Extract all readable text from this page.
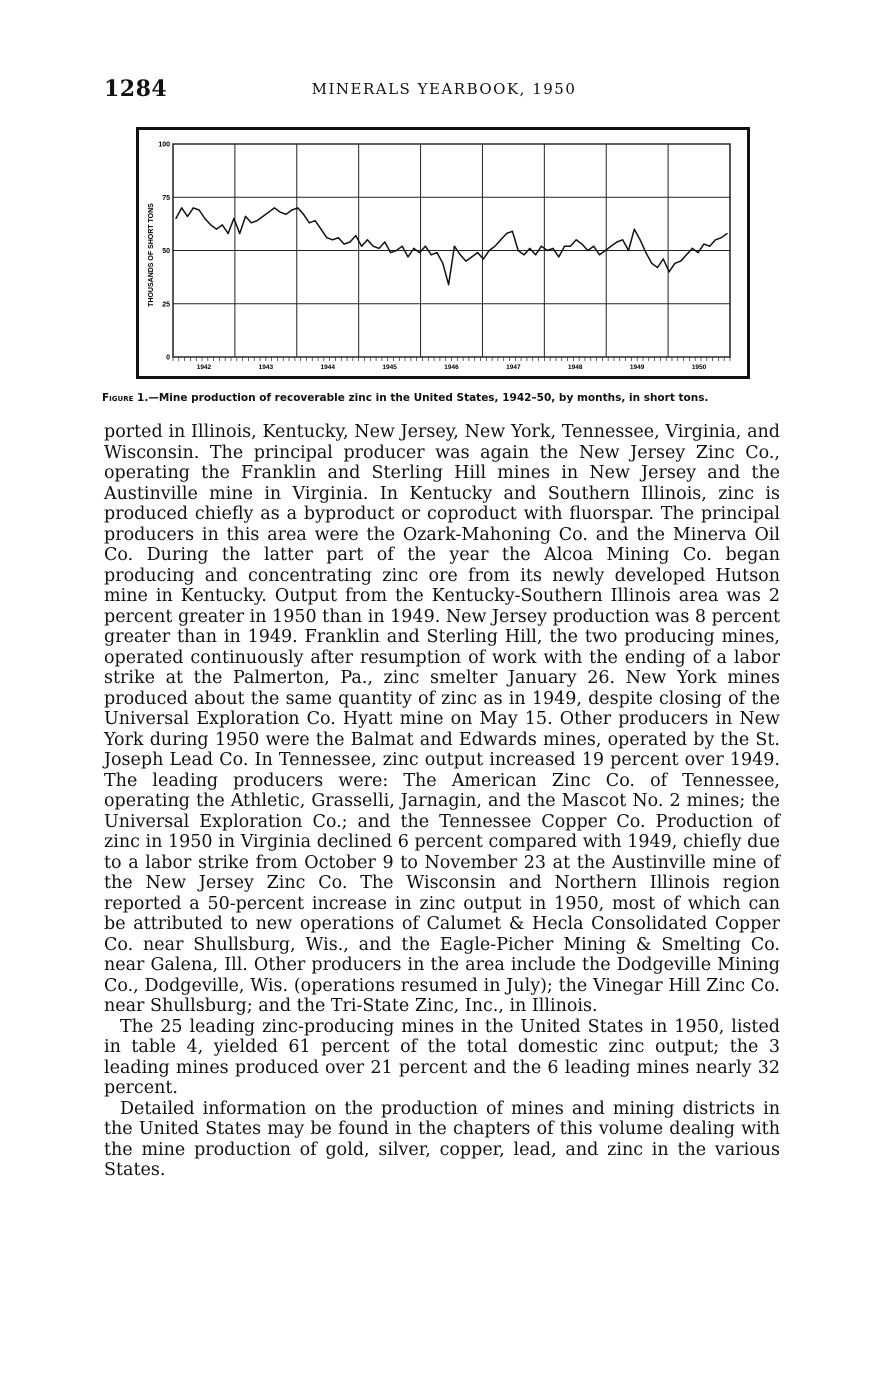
1284	MINERALS YEARBOOK, 1950
0
25
50
75
100
1942	1943	1944	1945	1946	1947	1948	1949	1950
THOUSANDS OF SHORT TONS
Figure 1.—Mine production of recoverable zinc in the United States, 1942–50, by months, in short tons.

ported in Illinois, Kentucky, New Jersey, New York, Tennessee, Virginia, and Wisconsin. The principal producer was again the New Jersey Zinc Co., operating the Franklin and Sterling Hill mines in New Jersey and the Austinville mine in Virginia. In Kentucky and Southern Illinois, zinc is produced chiefly as a byproduct or coproduct with fluorspar. The principal producers in this area were the Ozark-Mahoning Co. and the Minerva Oil Co. During the latter part of the year the Alcoa Mining Co. began producing and concentrating zinc ore from its newly developed Hutson mine in Kentucky. Output from the Kentucky-Southern Illinois area was 2 percent greater in 1950 than in 1949. New Jersey production was 8 percent greater than in 1949. Franklin and Sterling Hill, the two producing mines, operated continuously after resumption of work with the ending of a labor strike at the Palmerton, Pa., zinc smelter January 26. New York mines produced about the same quantity of zinc as in 1949, despite closing of the Universal Exploration Co. Hyatt mine on May 15. Other producers in New York during 1950 were the Balmat and Edwards mines, operated by the St. Joseph Lead Co. In Tennessee, zinc output increased 19 percent over 1949. The leading producers were: The American Zinc Co. of Tennessee, operating the Athletic, Grasselli, Jarnagin, and the Mascot No. 2 mines; the Universal Exploration Co.; and the Tennessee Copper Co. Production of zinc in 1950 in Virginia declined 6 percent compared with 1949, chiefly due to a labor strike from October 9 to November 23 at the Austinville mine of the New Jersey Zinc Co. The Wisconsin and Northern Illinois region reported a 50-percent increase in zinc output in 1950, most of which can be attributed to new operations of Calumet & Hecla Consolidated Copper Co. near Shullsburg, Wis., and the Eagle-Picher Mining & Smelting Co. near Galena, Ill. Other producers in the area include the Dodgeville Mining Co., Dodgeville, Wis. (operations resumed in July); the Vinegar Hill Zinc Co. near Shullsburg; and the Tri-State Zinc, Inc., in Illinois.

The 25 leading zinc-producing mines in the United States in 1950, listed in table 4, yielded 61 percent of the total domestic zinc output; the 3 leading mines produced over 21 percent and the 6 leading mines nearly 32 percent.

Detailed information on the production of mines and mining districts in the United States may be found in the chapters of this volume dealing with the mine production of gold, silver, copper, lead, and zinc in the various States.
